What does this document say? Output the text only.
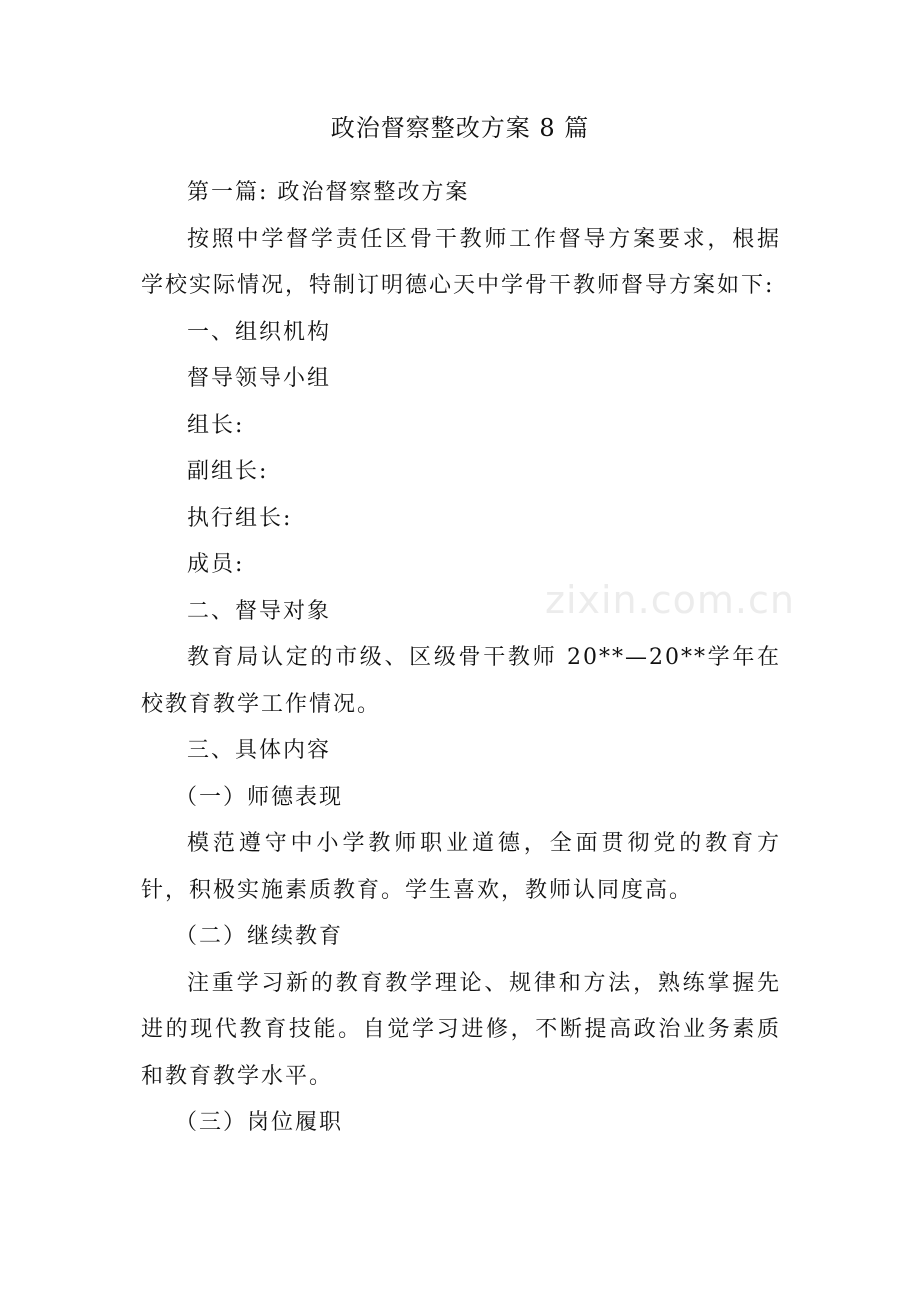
zixin.com.cn
政治督察整改方案 8 篇

第一篇: 政治督察整改方案

按照中学督学责任区骨干教师工作督导方案要求，根据学校实际情况，特制订明德心天中学骨干教师督导方案如下:

一、组织机构

督导领导小组

组长:

副组长:

执行组长:

成员:

二、督导对象

教育局认定的市级、区级骨干教师 20**—20**学年在校教育教学工作情况。

三、具体内容

（一）师德表现

模范遵守中小学教师职业道德，全面贯彻党的教育方针，积极实施素质教育。学生喜欢，教师认同度高。

（二）继续教育

注重学习新的教育教学理论、规律和方法，熟练掌握先进的现代教育技能。自觉学习进修，不断提高政治业务素质和教育教学水平。

（三）岗位履职
